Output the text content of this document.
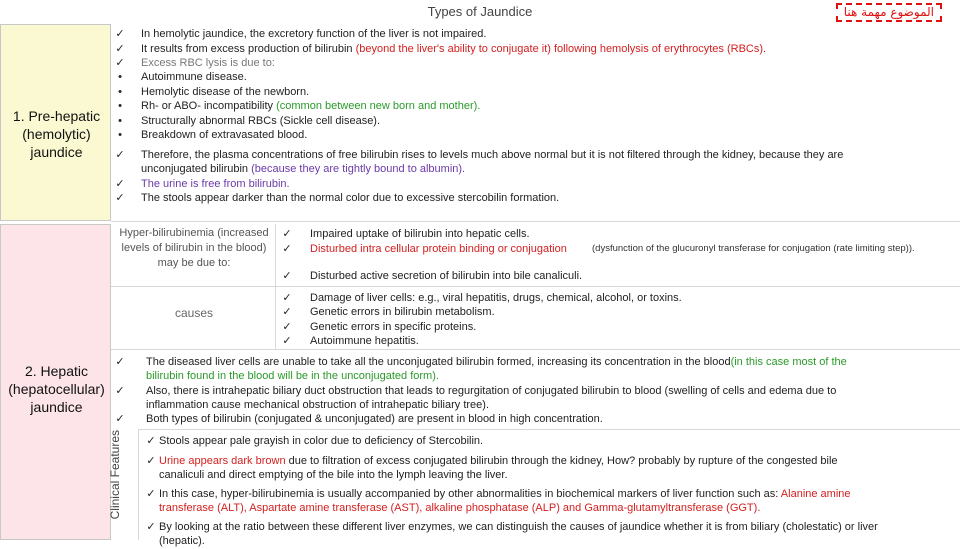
Types of Jaundice	الموضوع مهمة هنا
1. Pre-hepatic (hemolytic) jaundice
2. Hepatic (hepatocellular) jaundice
✓ In hemolytic jaundice, the excretory function of the liver is not impaired.
✓ It results from excess production of bilirubin (beyond the liver's ability to conjugate it) following hemolysis of erythrocytes (RBCs).
✓ Excess RBC lysis is due to:
•	Autoimmune disease.
•	Hemolytic disease of the newborn.
•	Rh- or ABO- incompatibility (common between new born and mother).
•	Structurally abnormal RBCs (Sickle cell disease).
•	Breakdown of extravasated blood.
✓ Therefore, the plasma concentrations of free bilirubin rises to levels much above normal but it is not filtered through the kidney, because they are
unconjugated bilirubin (because they are tightly bound to albumin).
✓ The urine is free from bilirubin.
✓ The stools appear darker than the normal color due to excessive stercobilin formation.
Hyper-bilirubinemia (increased levels of bilirubin in the blood) may be due to:
✓ Impaired uptake of bilirubin into hepatic cells.
✓ Disturbed intra cellular protein binding or conjugation	(dysfunction of the glucuronyl transferase for conjugation (rate limiting step)).
✓ Disturbed active secretion of bilirubin into bile canaliculi.
causes
✓ Damage of liver cells: e.g., viral hepatitis, drugs, chemical, alcohol, or toxins.
✓ Genetic errors in bilirubin metabolism.
✓ Genetic errors in specific proteins.
✓ Autoimmune hepatitis.
✓ The diseased liver cells are unable to take all the unconjugated bilirubin formed, increasing its concentration in the blood(in this case most of the
bilirubin found in the blood will be in the unconjugated form).
✓ Also, there is intrahepatic biliary duct obstruction that leads to regurgitation of conjugated bilirubin to blood (swelling of cells and edema due to
inflammation cause mechanical obstruction of intrahepatic biliary tree).
✓ Both types of bilirubin (conjugated & unconjugated) are present in blood in high concentration.
Clinical Features ✓ Stools appear pale grayish in color due to deficiency of Stercobilin.
✓ Urine appears dark brown due to filtration of excess conjugated bilirubin through the kidney, How? probably by rupture of the congested bile
canaliculi and direct emptying of the bile into the lymph leaving the liver.
✓ In this case, hyper-bilirubinemia is usually accompanied by other abnormalities in biochemical markers of liver function such as: Alanine amine
transferase (ALT), Aspartate amine transferase (AST), alkaline phosphatase (ALP) and Gamma-glutamyltransferase (GGT).
✓ By looking at the ratio between these different liver enzymes, we can distinguish the causes of jaundice whether it is from biliary (cholestatic) or liver
(hepatic).
